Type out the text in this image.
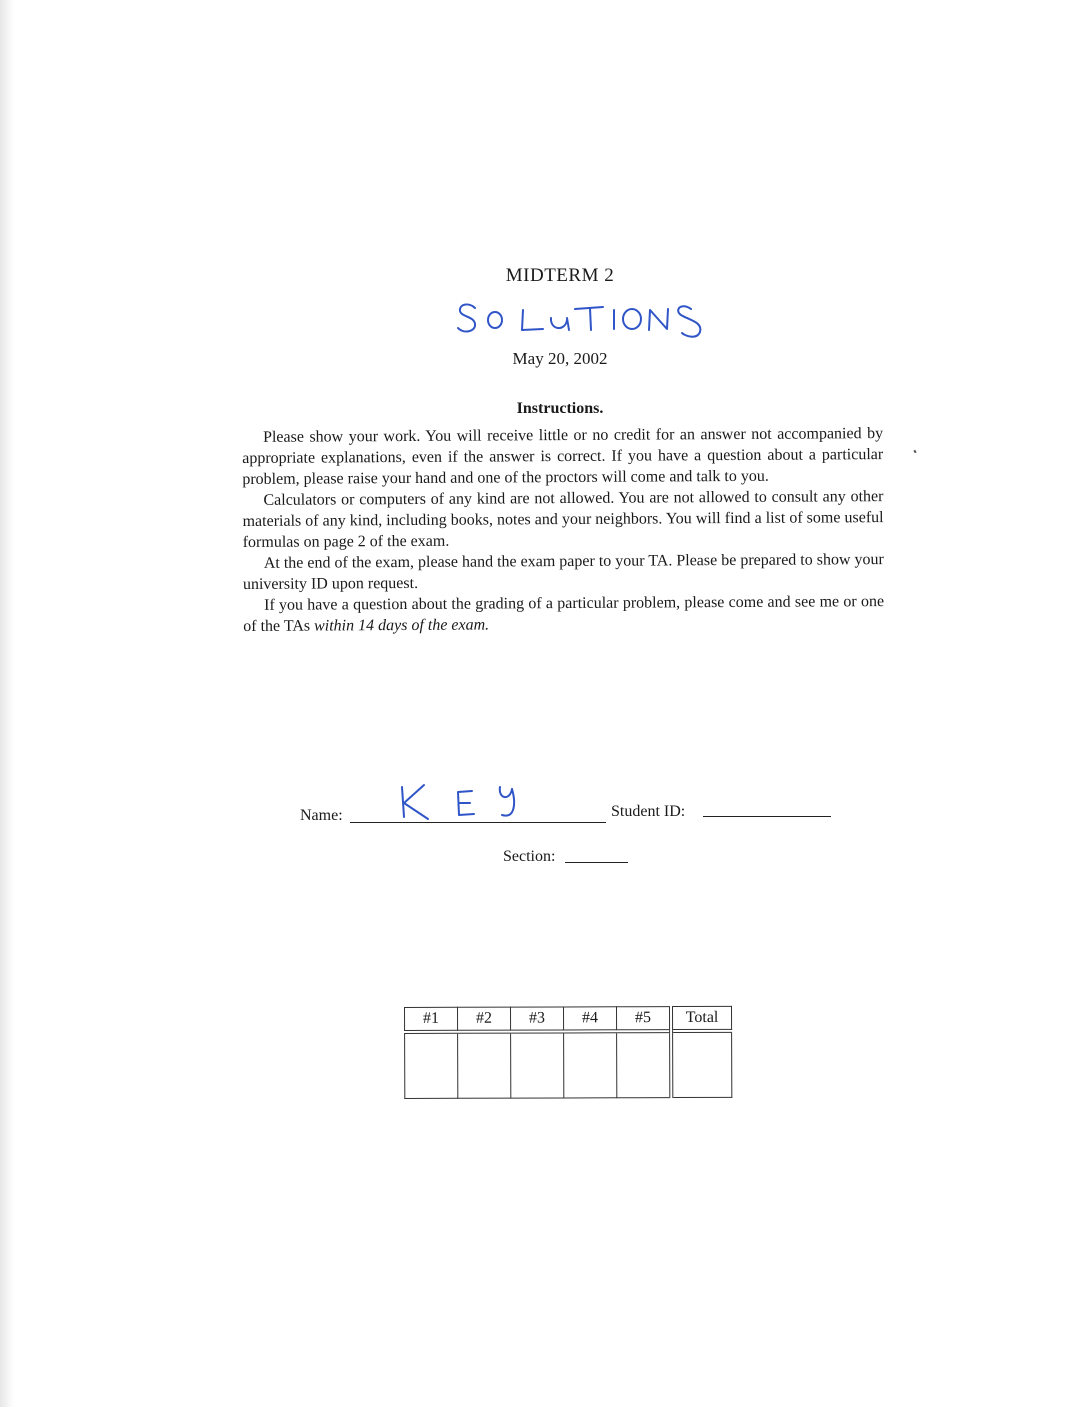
MIDTERM 2
May 20, 2002
Instructions.

Please show your work. You will receive little or no credit for an answer not accompanied by appropriate explanations, even if the answer is correct. If you have a question about a particular problem, please raise your hand and one of the proctors will come and talk to you.

Calculators or computers of any kind are not allowed. You are not allowed to consult any other materials of any kind, including books, notes and your neighbors. You will find a list of some useful formulas on page 2 of the exam.

At the end of the exam, please hand the exam paper to your TA. Please be prepared to show your university ID upon request.

If you have a question about the grading of a particular problem, please come and see me or one of the TAs within 14 days of the exam.

Name:	Student ID:
Section:
#1	#2	#3	#4	#5	Total
